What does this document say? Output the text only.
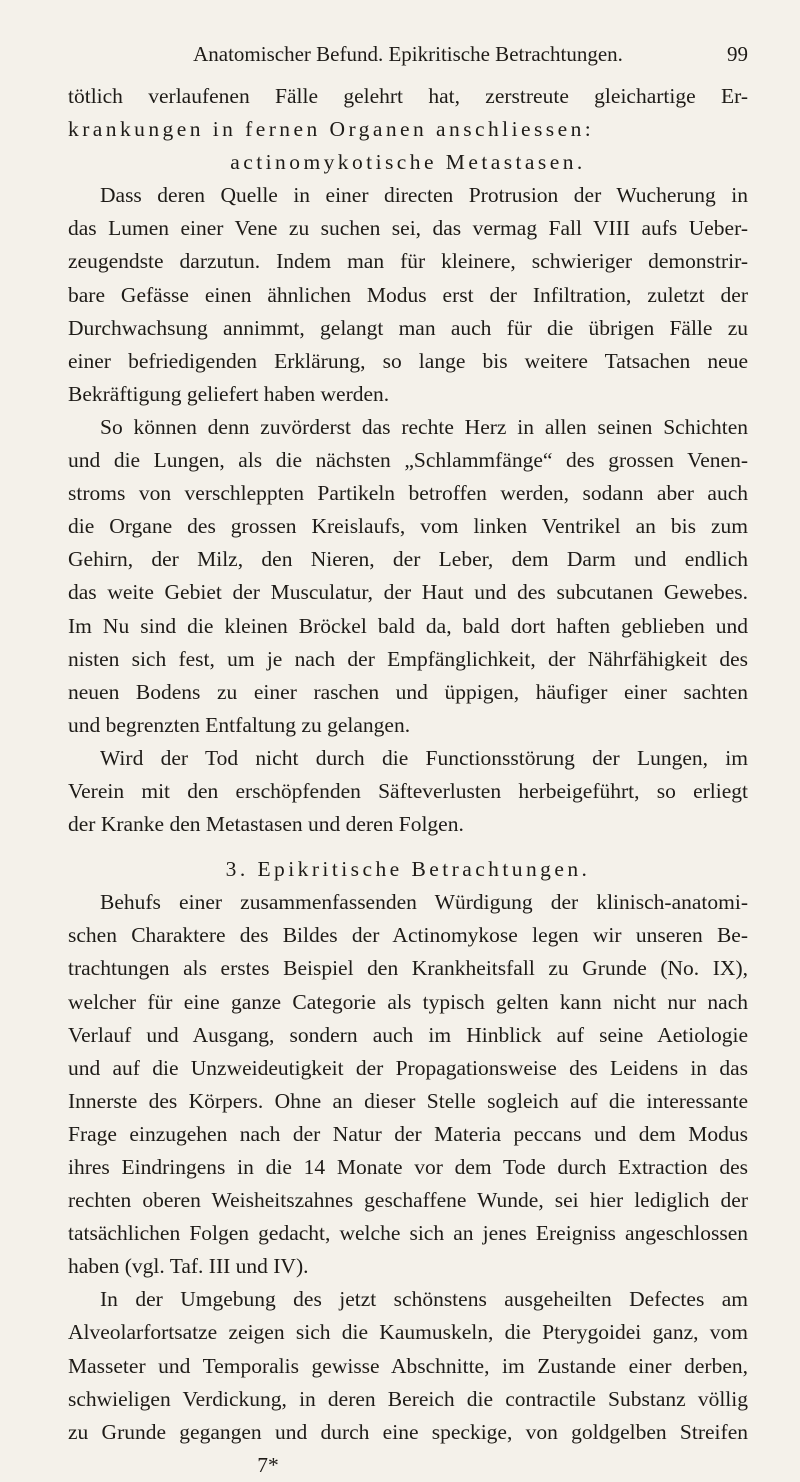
Anatomischer Befund. Epikritische Betrachtungen.	99
tötlich verlaufenen Fälle gelehrt hat, zerstreute gleichartige Er-
krankungen in fernen Organen anschliessen:
actinomykotische Metastasen.
Dass deren Quelle in einer directen Protrusion der Wucherung in
das Lumen einer Vene zu suchen sei, das vermag Fall VIII aufs Ueber-
zeugendste darzutun. Indem man für kleinere, schwieriger demonstrir-
bare Gefässe einen ähnlichen Modus erst der Infiltration, zuletzt der
Durchwachsung annimmt, gelangt man auch für die übrigen Fälle zu
einer befriedigenden Erklärung, so lange bis weitere Tatsachen neue
Bekräftigung geliefert haben werden.
So können denn zuvörderst das rechte Herz in allen seinen Schichten
und die Lungen, als die nächsten „Schlammfänge“ des grossen Venen-
stroms von verschleppten Partikeln betroffen werden, sodann aber auch
die Organe des grossen Kreislaufs, vom linken Ventrikel an bis zum
Gehirn, der Milz, den Nieren, der Leber, dem Darm und endlich
das weite Gebiet der Musculatur, der Haut und des subcutanen Gewebes.
Im Nu sind die kleinen Bröckel bald da, bald dort haften geblieben und
nisten sich fest, um je nach der Empfänglichkeit, der Nährfähigkeit des
neuen Bodens zu einer raschen und üppigen, häufiger einer sachten
und begrenzten Entfaltung zu gelangen.
Wird der Tod nicht durch die Functionsstörung der Lungen, im
Verein mit den erschöpfenden Säfteverlusten herbeigeführt, so erliegt
der Kranke den Metastasen und deren Folgen.
3. Epikritische Betrachtungen.
Behufs einer zusammenfassenden Würdigung der klinisch-anatomi-
schen Charaktere des Bildes der Actinomykose legen wir unseren Be-
trachtungen als erstes Beispiel den Krankheitsfall zu Grunde (No. IX),
welcher für eine ganze Categorie als typisch gelten kann nicht nur nach
Verlauf und Ausgang, sondern auch im Hinblick auf seine Aetiologie
und auf die Unzweideutigkeit der Propagationsweise des Leidens in das
Innerste des Körpers. Ohne an dieser Stelle sogleich auf die interessante
Frage einzugehen nach der Natur der Materia peccans und dem Modus
ihres Eindringens in die 14 Monate vor dem Tode durch Extraction des
rechten oberen Weisheitszahnes geschaffene Wunde, sei hier lediglich der
tatsächlichen Folgen gedacht, welche sich an jenes Ereigniss angeschlossen
haben (vgl. Taf. III und IV).
In der Umgebung des jetzt schönstens ausgeheilten Defectes am
Alveolarfortsatze zeigen sich die Kaumuskeln, die Pterygoidei ganz, vom
Masseter und Temporalis gewisse Abschnitte, im Zustande einer derben,
schwieligen Verdickung, in deren Bereich die contractile Substanz völlig
zu Grunde gegangen und durch eine speckige, von goldgelben Streifen
7*
